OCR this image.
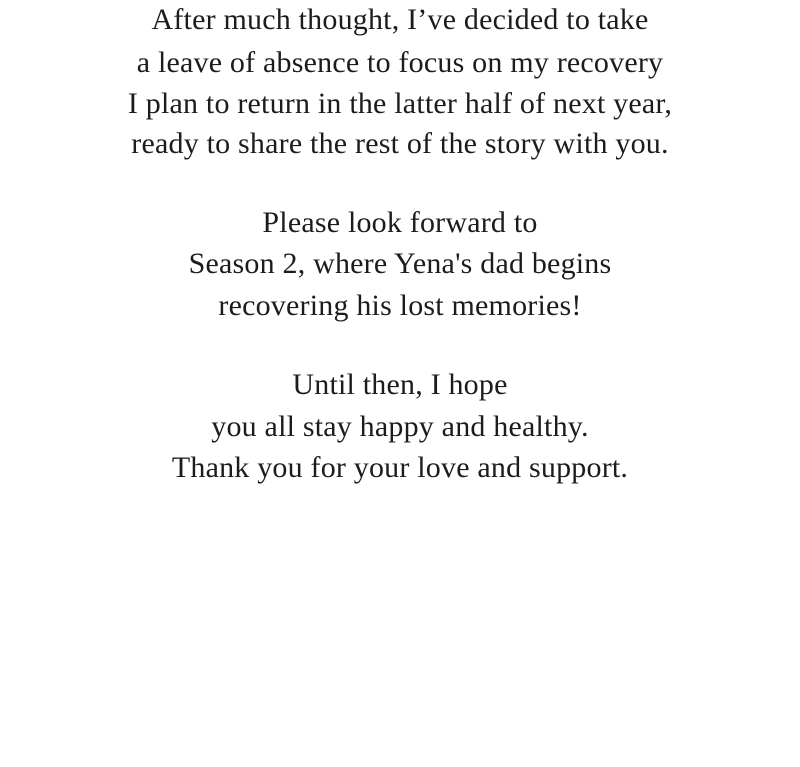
After much thought, I’ve decided to take
a leave of absence to focus on my recovery
I plan to return in the latter half of next year,
ready to share the rest of the story with you.
Please look forward to
Season 2, where Yena's dad begins
recovering his lost memories!
Until then, I hope
you all stay happy and healthy.
Thank you for your love and support.
